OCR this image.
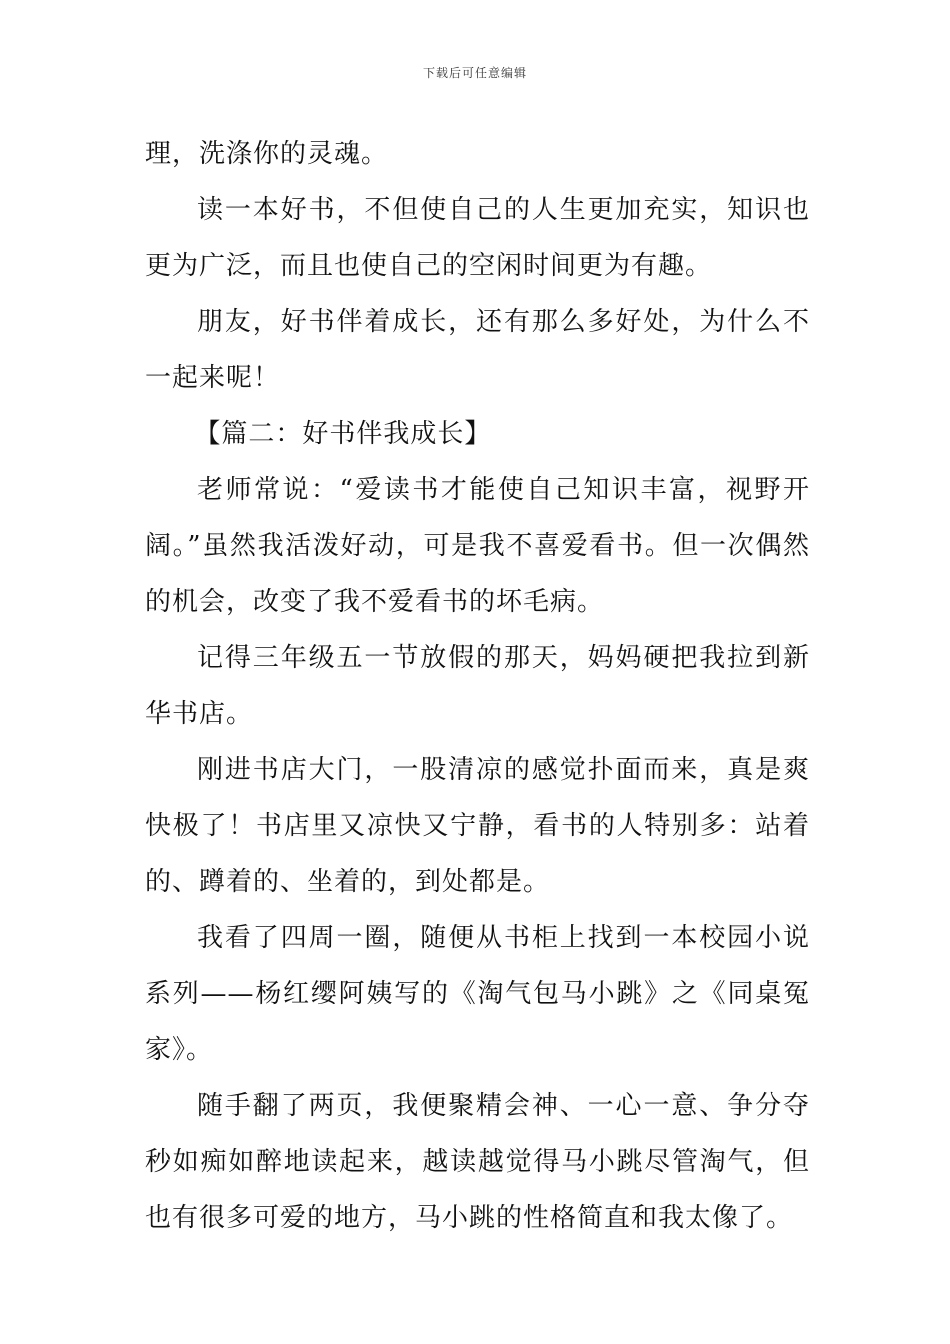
下载后可任意编辑

理，洗涤你的灵魂。

读一本好书，不但使自己的人生更加充实，知识也更为广泛，而且也使自己的空闲时间更为有趣。

朋友，好书伴着成长，还有那么多好处，为什么不一起来呢！

【篇二：好书伴我成长】

老师常说：“爱读书才能使自己知识丰富，视野开阔。”虽然我活泼好动，可是我不喜爱看书。但一次偶然的机会，改变了我不爱看书的坏毛病。

记得三年级五一节放假的那天，妈妈硬把我拉到新华书店。

刚进书店大门，一股清凉的感觉扑面而来，真是爽快极了！书店里又凉快又宁静，看书的人特别多：站着的、蹲着的、坐着的，到处都是。

我看了四周一圈，随便从书柜上找到一本校园小说系列——杨红缨阿姨写的《淘气包马小跳》之《同桌冤家》。

随手翻了两页，我便聚精会神、一心一意、争分夺秒如痴如醉地读起来，越读越觉得马小跳尽管淘气，但也有很多可爱的地方，马小跳的性格简直和我太像了。
